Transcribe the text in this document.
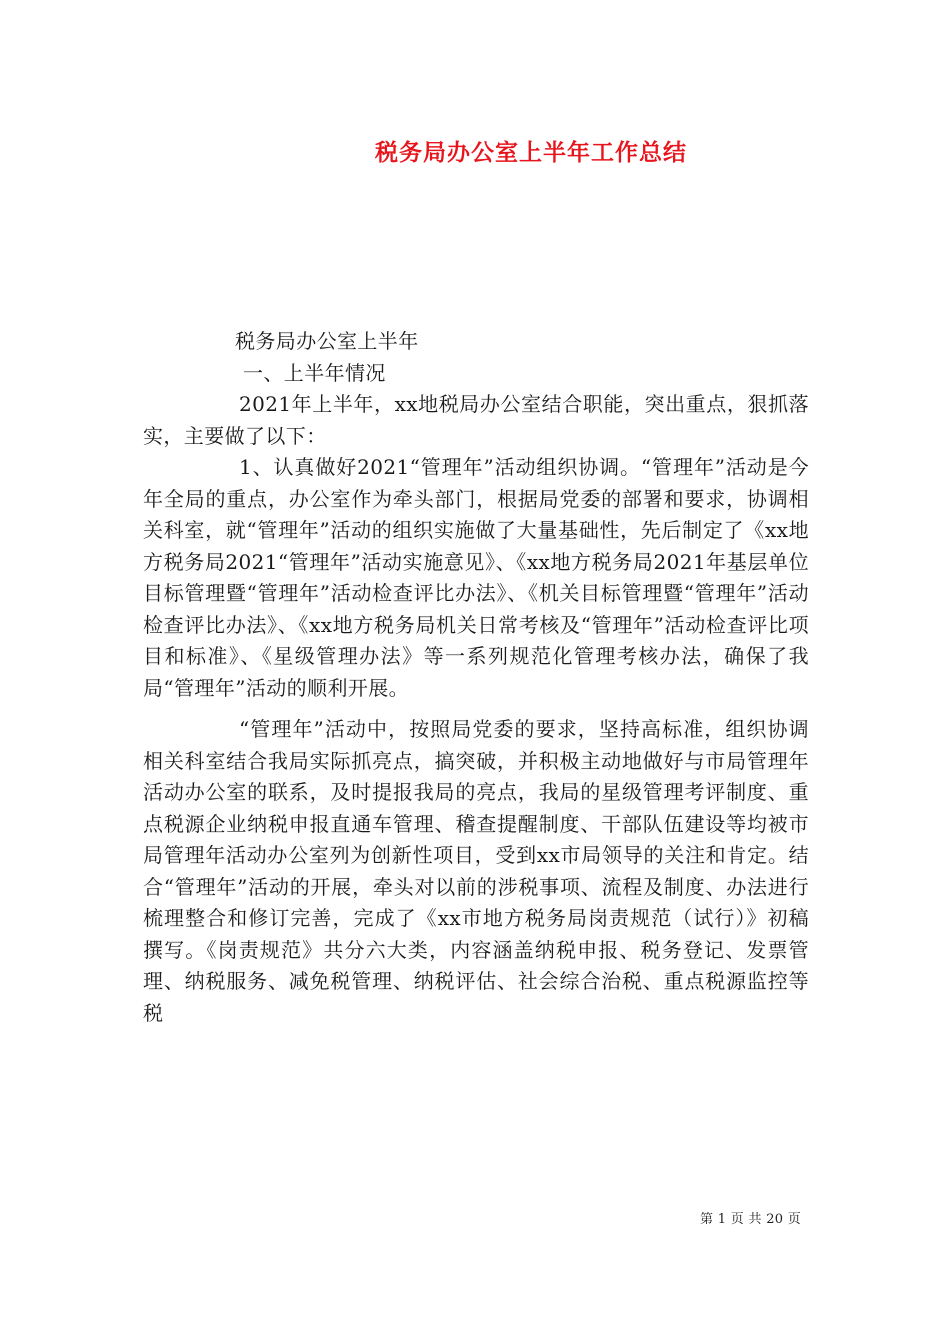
税务局办公室上半年工作总结

税务局办公室上半年

一、上半年情况

2021年上半年，xx地税局办公室结合职能，突出重点，狠抓落实，主要做了以下：

1、认真做好2021“管理年”活动组织协调。“管理年”活动是今年全局的重点，办公室作为牵头部门，根据局党委的部署和要求，协调相关科室，就“管理年”活动的组织实施做了大量基础性，先后制定了《xx地方税务局2021“管理年”活动实施意见》、《xx地方税务局2021年基层单位目标管理暨“管理年”活动检查评比办法》、《机关目标管理暨“管理年”活动检查评比办法》、《xx地方税务局机关日常考核及“管理年”活动检查评比项目和标准》、《星级管理办法》等一系列规范化管理考核办法，确保了我局“管理年”活动的顺利开展。

“管理年”活动中，按照局党委的要求，坚持高标准，组织协调相关科室结合我局实际抓亮点，搞突破，并积极主动地做好与市局管理年活动办公室的联系，及时提报我局的亮点，我局的星级管理考评制度、重点税源企业纳税申报直通车管理、稽查提醒制度、干部队伍建设等均被市局管理年活动办公室列为创新性项目，受到xx市局领导的关注和肯定。结合“管理年”活动的开展，牵头对以前的涉税事项、流程及制度、办法进行梳理整合和修订完善，完成了《xx市地方税务局岗责规范（试行）》初稿撰写。《岗责规范》共分六大类，内容涵盖纳税申报、税务登记、发票管理、纳税服务、减免税管理、纳税评估、社会综合治税、重点税源监控等税

第 1 页 共 20 页
